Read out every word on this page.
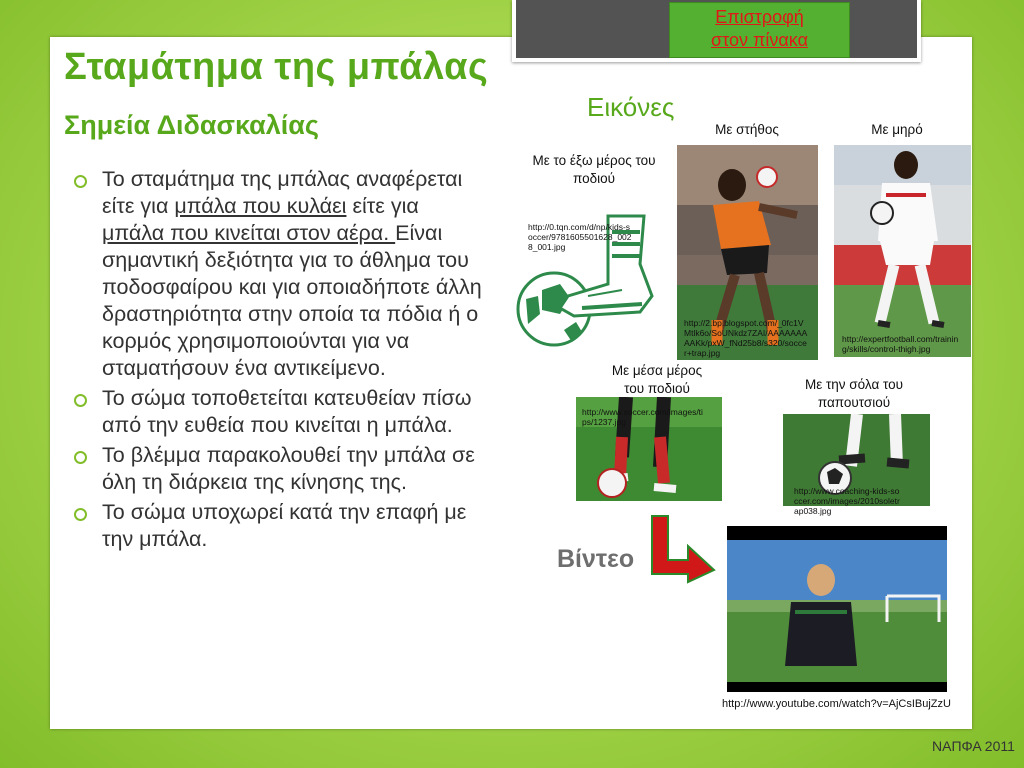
Επιστροφή
στον πίνακα
Σταμάτημα της μπάλας
Σημεία Διδασκαλίας
Το σταμάτημα της μπάλας αναφέρεται είτε για μπάλα που κυλάει είτε για μπάλα που κινείται στον αέρα. Είναι σημαντική δεξιότητα για το άθλημα του ποδοσφαίρου και για οποιαδήποτε άλλη δραστηριότητα στην οποία τα πόδια ή ο κορμός χρησιμοποιούνται για να σταματήσουν ένα αντικείμενο.
Το σώμα τοποθετείται κατευθείαν πίσω από την ευθεία που κινείται η μπάλα.
Το βλέμμα παρακολουθεί την μπάλα σε όλη τη διάρκεια της κίνησης της.
Το σώμα υποχωρεί κατά την επαφή με την μπάλα.
Εικόνες
Με το έξω μέρος του ποδιού
http://0.tqn.com/d/np/kids-soccer/9781605501628_0028_001.jpg
Με στήθος
http://2.bp.blogspot.com/_0fc1VMtlk6o/SoUNkdz7ZAI/AAAAAAAAAKk/pxW_fNd25b8/s320/soccer+trap.jpg
Με μηρό
http://expertfootball.com/training/skills/control-thigh.jpg
Με μέσα μέρος του ποδιού
http://www.soccer.com/images/tips/1237.jpg
Με την σόλα του παπουτσιού
http://www.coaching-kids-soccer.com/images/2010soletrap038.jpg
Βίντεο
http://www.youtube.com/watch?v=AjCsIBujZzU
ΝΑΠΦΑ 2011
